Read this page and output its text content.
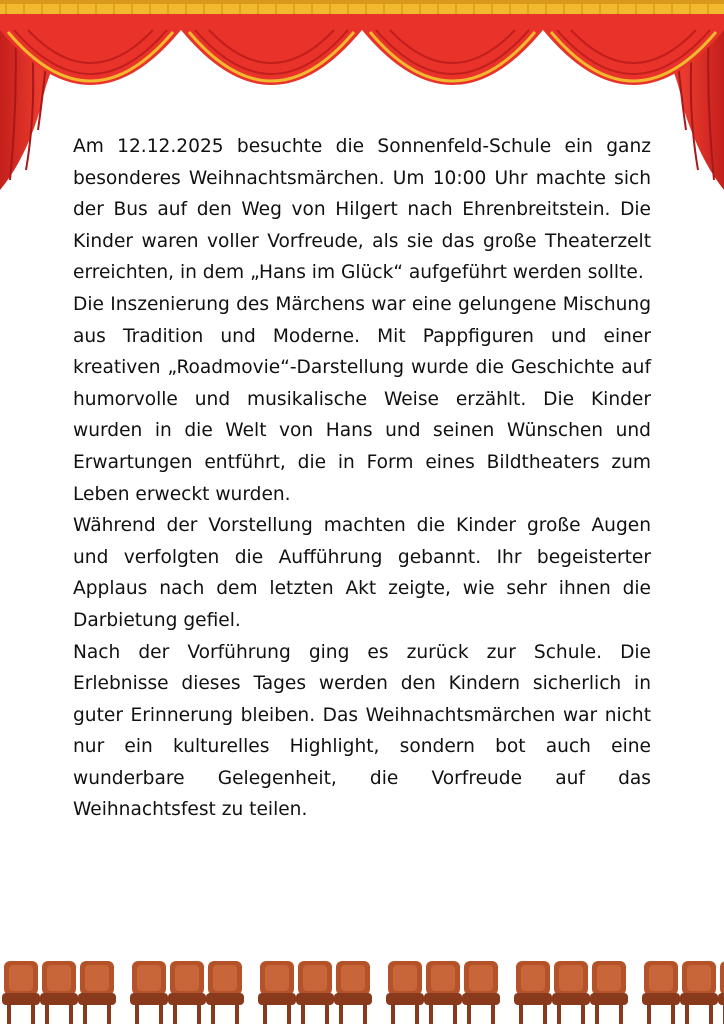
Am 12.12.2025 besuchte die Sonnenfeld-Schule ein ganz besonderes Weihnachtsmärchen. Um 10:00 Uhr machte sich der Bus auf den Weg von Hilgert nach Ehrenbreitstein. Die Kinder waren voller Vorfreude, als sie das große Theaterzelt erreichten, in dem „Hans im Glück“ aufgeführt werden sollte.

Die Inszenierung des Märchens war eine gelungene Mischung aus Tradition und Moderne. Mit Pappfiguren und einer kreativen „Roadmovie“-Darstellung wurde die Geschichte auf humorvolle und musikalische Weise erzählt. Die Kinder wurden in die Welt von Hans und seinen Wünschen und Erwartungen entführt, die in Form eines Bildtheaters zum Leben erweckt wurden.

Während der Vorstellung machten die Kinder große Augen und verfolgten die Aufführung gebannt. Ihr begeisterter Applaus nach dem letzten Akt zeigte, wie sehr ihnen die Darbietung gefiel.

Nach der Vorführung ging es zurück zur Schule. Die Erlebnisse dieses Tages werden den Kindern sicherlich in guter Erinnerung bleiben. Das Weihnachtsmärchen war nicht nur ein kulturelles Highlight, sondern bot auch eine wunderbare Gelegenheit, die Vorfreude auf das Weihnachtsfest zu teilen.
